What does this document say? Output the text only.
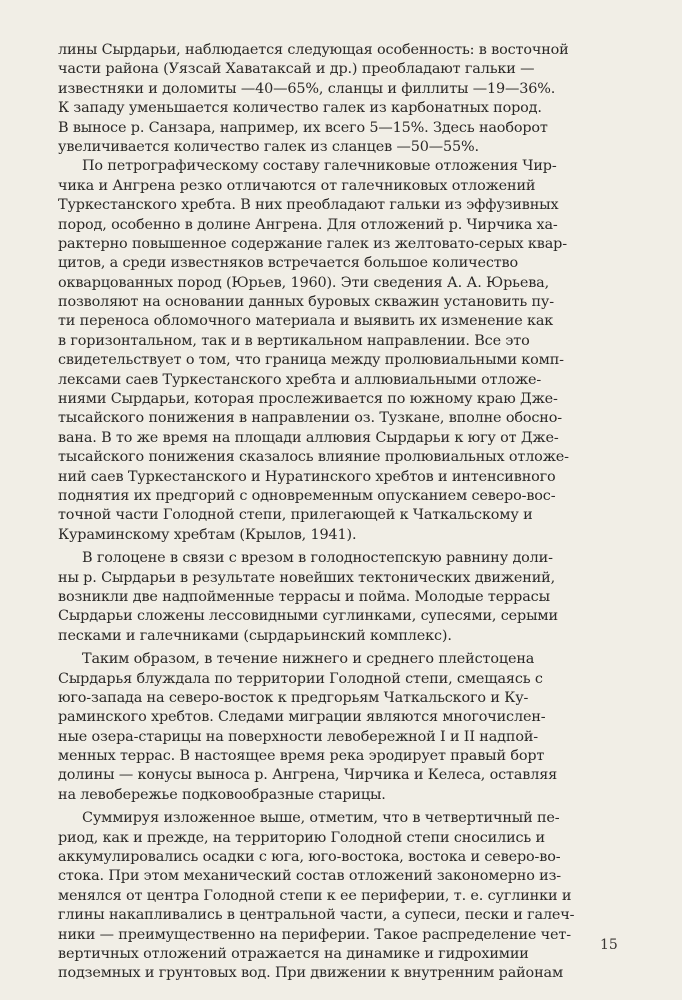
лины Сырдарьи, наблюдается следующая особенность: в восточной
части района (Уязсай Хаватаксай и др.) преобладают гальки —
известняки и доломиты —40—65%, сланцы и филлиты —19—36%.
К западу уменьшается количество галек из карбонатных пород.
В выносе р. Санзара, например, их всего 5—15%. Здесь наоборот
увеличивается количество галек из сланцев —50—55%.
По петрографическому составу галечниковые отложения Чир-
чика и Ангрена резко отличаются от галечниковых отложений
Туркестанского хребта. В них преобладают гальки из эффузивных
пород, особенно в долине Ангрена. Для отложений р. Чирчика ха-
рактерно повышенное содержание галек из желтовато-серых квар-
цитов, а среди известняков встречается большое количество
окварцованных пород (Юрьев, 1960). Эти сведения А. А. Юрьева,
позволяют на основании данных буровых скважин установить пу-
ти переноса обломочного материала и выявить их изменение как
в горизонтальном, так и в вертикальном направлении. Все это
свидетельствует о том, что граница между пролювиальными комп-
лексами саев Туркестанского хребта и аллювиальными отложе-
ниями Сырдарьи, которая прослеживается по южному краю Дже-
тысайского понижения в направлении оз. Тузкане, вполне обосно-
вана. В то же время на площади аллювия Сырдарьи к югу от Дже-
тысайского понижения сказалось влияние пролювиальных отложе-
ний саев Туркестанского и Нуратинского хребтов и интенсивного
поднятия их предгорий с одновременным опусканием северо-вос-
точной части Голодной степи, прилегающей к Чаткальскому и
Кураминскому хребтам (Крылов, 1941).
В голоцене в связи с врезом в голодностепскую равнину доли-
ны р. Сырдарьи в результате новейших тектонических движений,
возникли две надпойменные террасы и пойма. Молодые террасы
Сырдарьи сложены лессовидными суглинками, супесями, серыми
песками и галечниками (сырдарьинский комплекс).
Таким образом, в течение нижнего и среднего плейстоцена
Сырдарья блуждала по территории Голодной степи, смещаясь с
юго-запада на северо-восток к предгорьям Чаткальского и Ку-
раминского хребтов. Следами миграции являются многочислен-
ные озера-старицы на поверхности левобережной I и II надпой-
менных террас. В настоящее время река эродирует правый борт
долины — конусы выноса р. Ангрена, Чирчика и Келеса, оставляя
на левобережье подковообразные старицы.
Суммируя изложенное выше, отметим, что в четвертичный пе-
риод, как и прежде, на территорию Голодной степи сносились и
аккумулировались осадки с юга, юго-востока, востока и северо-во-
стока. При этом механический состав отложений закономерно из-
менялся от центра Голодной степи к ее периферии, т. е. суглинки и
глины накапливались в центральной части, а супеси, пески и галеч-
ники — преимущественно на периферии. Такое распределение чет-
вертичных отложений отражается на динамике и гидрохимии
подземных и грунтовых вод. При движении к внутренним районам
15
